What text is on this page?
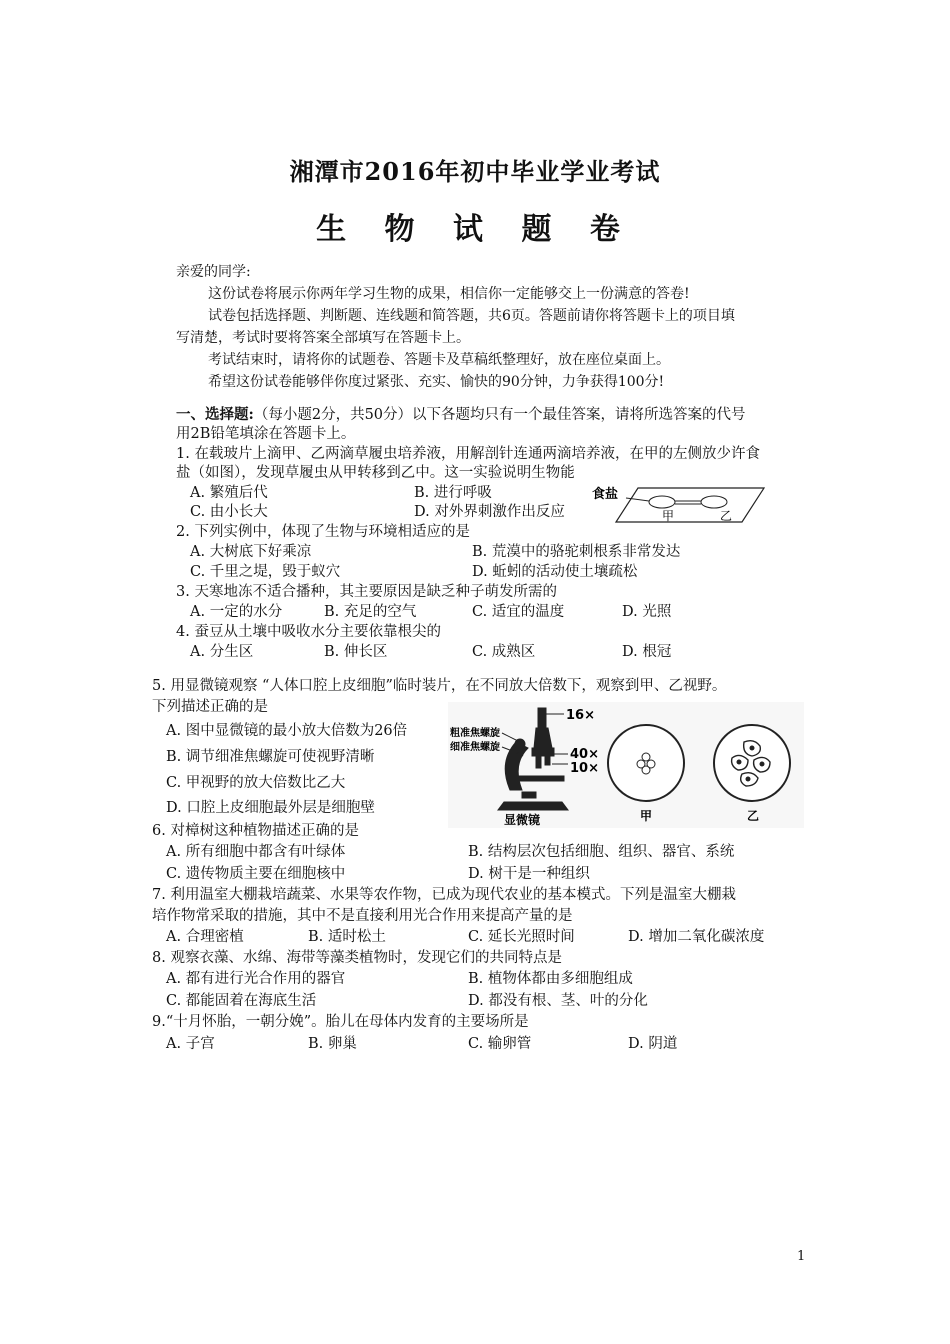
湘潭市2016年初中毕业学业考试
生 物 试 题 卷
亲爱的同学:
这份试卷将展示你两年学习生物的成果，相信你一定能够交上一份满意的答卷!
试卷包括选择题、判断题、连线题和简答题，共6页。答题前请你将答题卡上的项目填
写清楚，考试时要将答案全部填写在答题卡上。
考试结束时，请将你的试题卷、答题卡及草稿纸整理好，放在座位桌面上。
希望这份试卷能够伴你度过紧张、充实、愉快的90分钟，力争获得100分!
一、选择题:（每小题2分，共50分）以下各题均只有一个最佳答案，请将所选答案的代号
用2B铅笔填涂在答题卡上。
1. 在载玻片上滴甲、乙两滴草履虫培养液，用解剖针连通两滴培养液，在甲的左侧放少许食
盐（如图），发现草履虫从甲转移到乙中。这一实验说明生物能
A. 繁殖后代	B. 进行呼吸
C. 由小长大	D. 对外界刺激作出反应
食盐
甲	乙
2. 下列实例中，体现了生物与环境相适应的是
A. 大树底下好乘凉	B. 荒漠中的骆驼刺根系非常发达
C. 千里之堤，毁于蚁穴	D. 蚯蚓的活动使土壤疏松
3. 天寒地冻不适合播种，其主要原因是缺乏种子萌发所需的
A. 一定的水分	B. 充足的空气	C. 适宜的温度	D. 光照
4. 蚕豆从土壤中吸收水分主要依靠根尖的
A. 分生区	B. 伸长区	C. 成熟区	D. 根冠
5. 用显微镜观察 “人体口腔上皮细胞”临时装片，在不同放大倍数下，观察到甲、乙视野。
下列描述正确的是
A. 图中显微镜的最小放大倍数为26倍
B. 调节细准焦螺旋可使视野清晰
C. 甲视野的放大倍数比乙大
D. 口腔上皮细胞最外层是细胞壁
16×
40×
10×
粗准焦螺旋
细准焦螺旋
显微镜	甲	乙
6. 对樟树这种植物描述正确的是
A. 所有细胞中都含有叶绿体	B. 结构层次包括细胞、组织、器官、系统
C. 遗传物质主要在细胞核中	D. 树干是一种组织
7. 利用温室大棚栽培蔬菜、水果等农作物，已成为现代农业的基本模式。下列是温室大棚栽
培作物常采取的措施，其中不是直接利用光合作用来提高产量的是
A. 合理密植	B. 适时松土	C. 延长光照时间	D. 增加二氧化碳浓度
8. 观察衣藻、水绵、海带等藻类植物时，发现它们的共同特点是
A. 都有进行光合作用的器官	B. 植物体都由多细胞组成
C. 都能固着在海底生活	D. 都没有根、茎、叶的分化
9.“十月怀胎，一朝分娩”。胎儿在母体内发育的主要场所是
A. 子宫	B. 卵巢	C. 输卵管	D. 阴道
1
